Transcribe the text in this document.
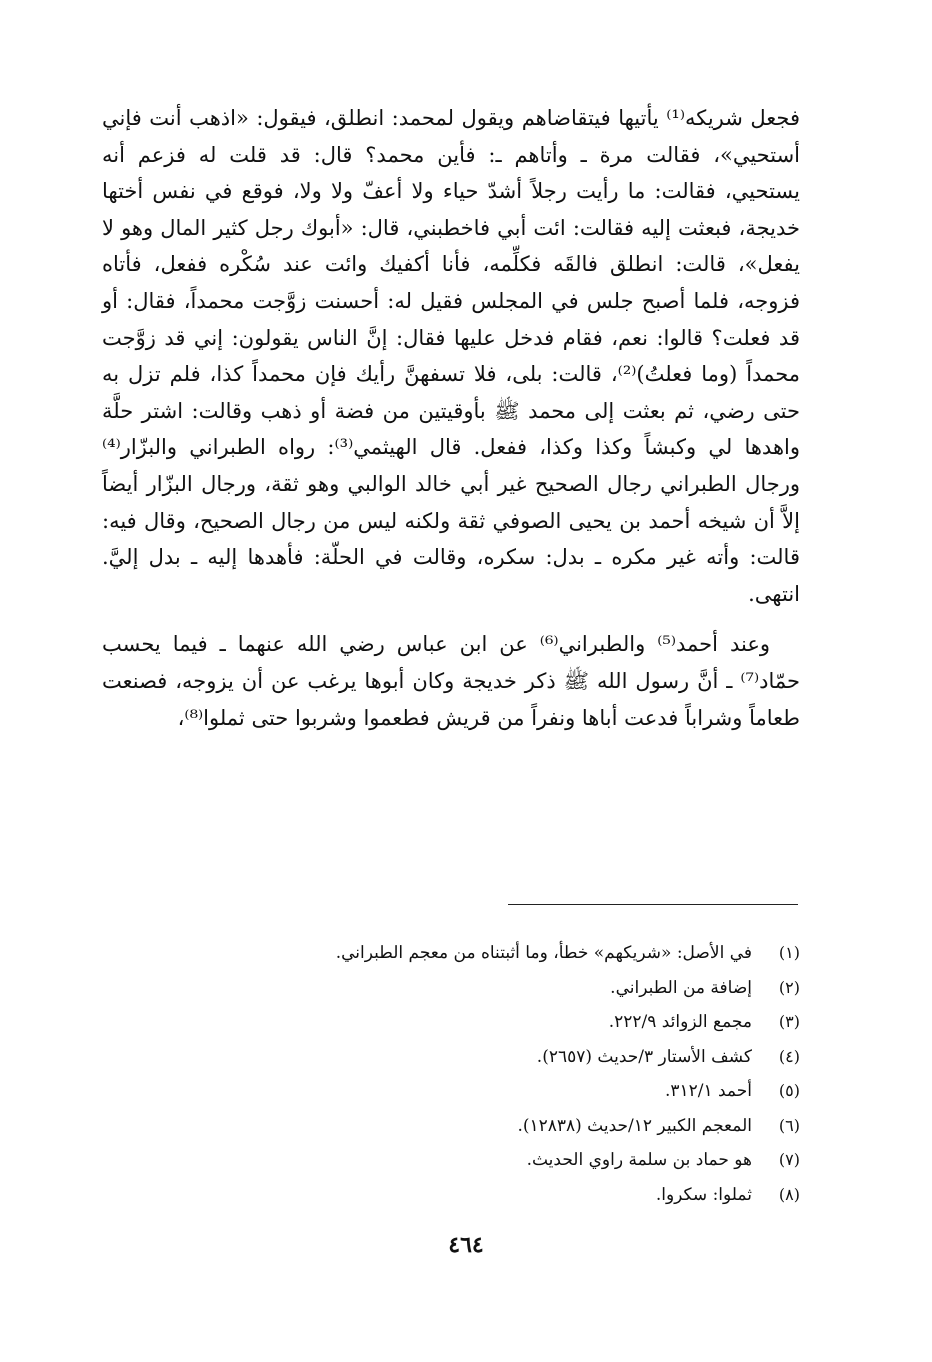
فجعل شريكه⁽¹⁾ يأتيها فيتقاضاهم ويقول لمحمد: انطلق، فيقول: «اذهب أنت فإني أستحيي»، فقالت مرة ـ وأتاهم ـ: فأين محمد؟ قال: قد قلت له فزعم أنه يستحيي، فقالت: ما رأيت رجلاً أشدّ حياء ولا أعفّ ولا ولا، فوقع في نفس أختها خديجة، فبعثت إليه فقالت: ائت أبي فاخطبني، قال: «أبوك رجل كثير المال وهو لا يفعل»، قالت: انطلق فالقَه فكلِّمه، فأنا أكفيك وائت عند سُكْره ففعل، فأتاه فزوجه، فلما أصبح جلس في المجلس فقيل له: أحسنت زوَّجت محمداً، فقال: أو قد فعلت؟ قالوا: نعم، فقام فدخل عليها فقال: إنَّ الناس يقولون: إني قد زوَّجت محمداً (وما فعلتُ)⁽²⁾، قالت: بلى، فلا تسفهنَّ رأيك فإن محمداً كذا، فلم تزل به حتى رضي، ثم بعثت إلى محمد ﷺ بأوقيتين من فضة أو ذهب وقالت: اشتر حلَّة واهدها لي وكبشاً وكذا وكذا، ففعل. قال الهيثمي⁽³⁾: رواه الطبراني والبزّار⁽⁴⁾ ورجال الطبراني رجال الصحيح غير أبي خالد الوالبي وهو ثقة، ورجال البزّار أيضاً إلاَّ أن شيخه أحمد بن يحيى الصوفي ثقة ولكنه ليس من رجال الصحيح، وقال فيه: قالت: وأته غير مكره ـ بدل: سكره، وقالت في الحلّة: فأهدها إليه ـ بدل إليَّ. انتهى.

وعند أحمد⁽⁵⁾ والطبراني⁽⁶⁾ عن ابن عباس رضي الله عنهما ـ فيما يحسب حمّاد⁽⁷⁾ ـ أنَّ رسول الله ﷺ ذكر خديجة وكان أبوها يرغب عن أن يزوجه، فصنعت طعاماً وشراباً فدعت أباها ونفراً من قريش فطعموا وشربوا حتى ثملوا⁽⁸⁾،

(١)
في الأصل: «شريكهم» خطأ، وما أثبتناه من معجم الطبراني.
(٢)
إضافة من الطبراني.
(٣)
مجمع الزوائد ٢٢٢/٩.
(٤)
كشف الأستار ٣/حديث (٢٦٥٧).
(٥)
أحمد ٣١٢/١.
(٦)
المعجم الكبير ١٢/حديث (١٢٨٣٨).
(٧)
هو حماد بن سلمة راوي الحديث.
(٨)
ثملوا: سكروا.
٤٦٤
